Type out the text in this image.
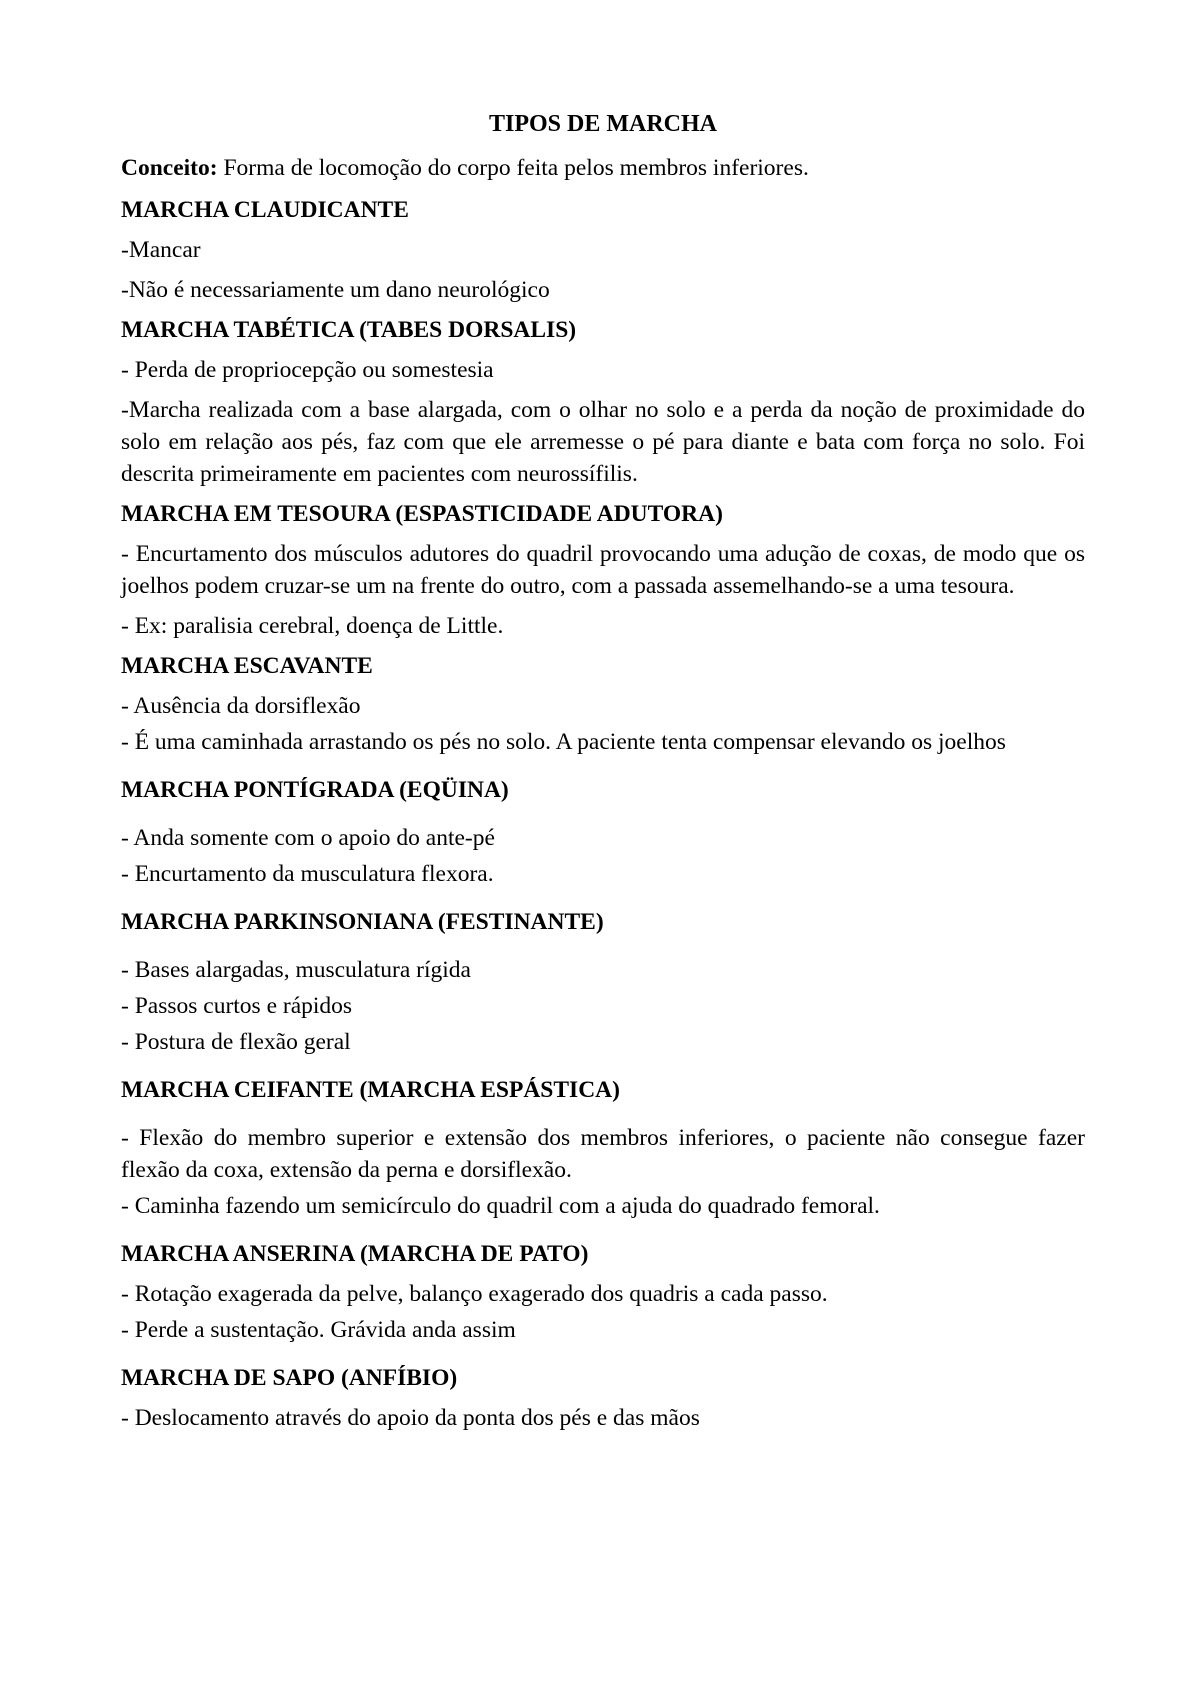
TIPOS DE MARCHA
Conceito: Forma de locomoção do corpo feita pelos membros inferiores.
MARCHA CLAUDICANTE
-Mancar
-Não é necessariamente um dano neurológico
MARCHA TABÉTICA (TABES DORSALIS)
- Perda de propriocepção ou somestesia
-Marcha realizada com a base alargada, com o olhar no solo e a perda da noção de proximidade do solo em relação aos pés, faz com que ele arremesse o pé para diante e bata com força no solo. Foi descrita primeiramente em pacientes com neurossífilis.
MARCHA EM TESOURA (ESPASTICIDADE ADUTORA)
- Encurtamento dos músculos adutores do quadril provocando uma adução de coxas, de modo que os joelhos podem cruzar-se um na frente do outro, com a passada assemelhando-se a uma tesoura.
- Ex: paralisia cerebral, doença de Little.
MARCHA ESCAVANTE
- Ausência da dorsiflexão
- É uma caminhada arrastando os pés no solo. A paciente tenta compensar elevando os joelhos
MARCHA PONTÍGRADA (EQÜINA)
- Anda somente com o apoio do ante-pé
- Encurtamento da musculatura flexora.
MARCHA PARKINSONIANA (FESTINANTE)
- Bases alargadas, musculatura rígida
- Passos curtos e rápidos
- Postura de flexão geral
MARCHA CEIFANTE (MARCHA ESPÁSTICA)
- Flexão do membro superior e extensão dos membros inferiores, o paciente não consegue fazer flexão da coxa, extensão da perna e dorsiflexão.
- Caminha fazendo um semicírculo do quadril com a ajuda do quadrado femoral.
MARCHA ANSERINA (MARCHA DE PATO)
- Rotação exagerada da pelve, balanço exagerado dos quadris a cada passo.
- Perde a sustentação. Grávida anda assim
MARCHA DE SAPO (ANFÍBIO)
- Deslocamento através do apoio da ponta dos pés e das mãos
